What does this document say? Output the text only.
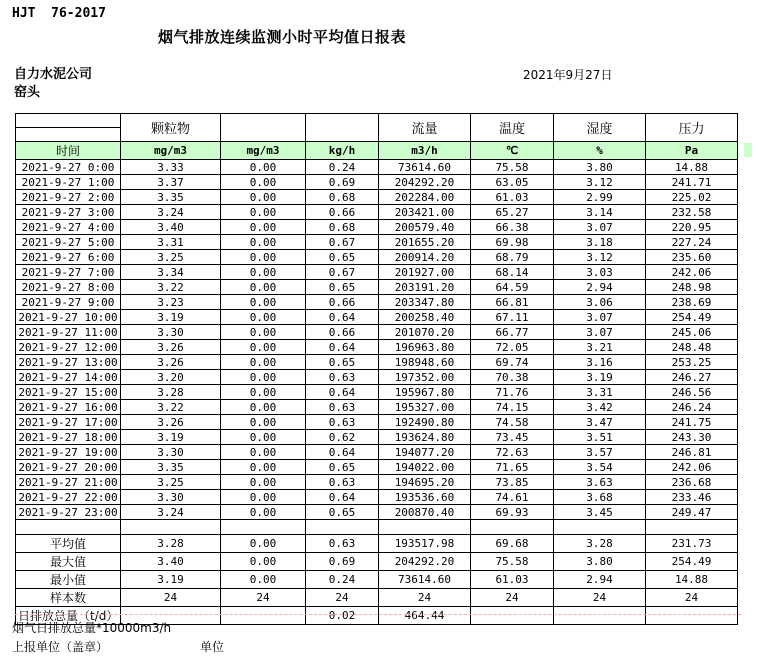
HJT  76-2017
烟气排放连续监测小时平均值日报表
自力水泥公司	2021年9月27日
窑头
	颗粒物			流量	温度	湿度	压力
时间	mg/m3	mg/m3	kg/h	m3/h	℃	%	Pa
2021-9-27 0:00	3.33	0.00	0.24	73614.60	75.58	3.80	14.88
2021-9-27 1:00	3.37	0.00	0.69	204292.20	63.05	3.12	241.71
2021-9-27 2:00	3.35	0.00	0.68	202284.00	61.03	2.99	225.02
2021-9-27 3:00	3.24	0.00	0.66	203421.00	65.27	3.14	232.58
2021-9-27 4:00	3.40	0.00	0.68	200579.40	66.38	3.07	220.95
2021-9-27 5:00	3.31	0.00	0.67	201655.20	69.98	3.18	227.24
2021-9-27 6:00	3.25	0.00	0.65	200914.20	68.79	3.12	235.60
2021-9-27 7:00	3.34	0.00	0.67	201927.00	68.14	3.03	242.06
2021-9-27 8:00	3.22	0.00	0.65	203191.20	64.59	2.94	248.98
2021-9-27 9:00	3.23	0.00	0.66	203347.80	66.81	3.06	238.69
2021-9-27 10:00	3.19	0.00	0.64	200258.40	67.11	3.07	254.49
2021-9-27 11:00	3.30	0.00	0.66	201070.20	66.77	3.07	245.06
2021-9-27 12:00	3.26	0.00	0.64	196963.80	72.05	3.21	248.48
2021-9-27 13:00	3.26	0.00	0.65	198948.60	69.74	3.16	253.25
2021-9-27 14:00	3.20	0.00	0.63	197352.00	70.38	3.19	246.27
2021-9-27 15:00	3.28	0.00	0.64	195967.80	71.76	3.31	246.56
2021-9-27 16:00	3.22	0.00	0.63	195327.00	74.15	3.42	246.24
2021-9-27 17:00	3.26	0.00	0.63	192490.80	74.58	3.47	241.75
2021-9-27 18:00	3.19	0.00	0.62	193624.80	73.45	3.51	243.30
2021-9-27 19:00	3.30	0.00	0.64	194077.20	72.63	3.57	246.81
2021-9-27 20:00	3.35	0.00	0.65	194022.00	71.65	3.54	242.06
2021-9-27 21:00	3.25	0.00	0.63	194695.20	73.85	3.63	236.68
2021-9-27 22:00	3.30	0.00	0.64	193536.60	74.61	3.68	233.46
2021-9-27 23:00	3.24	0.00	0.65	200870.40	69.93	3.45	249.47

平均值	3.28	0.00	0.63	193517.98	69.68	3.28	231.73
最大值	3.40	0.00	0.69	204292.20	75.58	3.80	254.49
最小值	3.19	0.00	0.24	73614.60	61.03	2.94	14.88
样本数	24	24	24	24	24	24	24
日排放总量（t/d）			0.02	464.44			
烟气日排放总量*10000m3/h
上报单位（盖章）	单位
